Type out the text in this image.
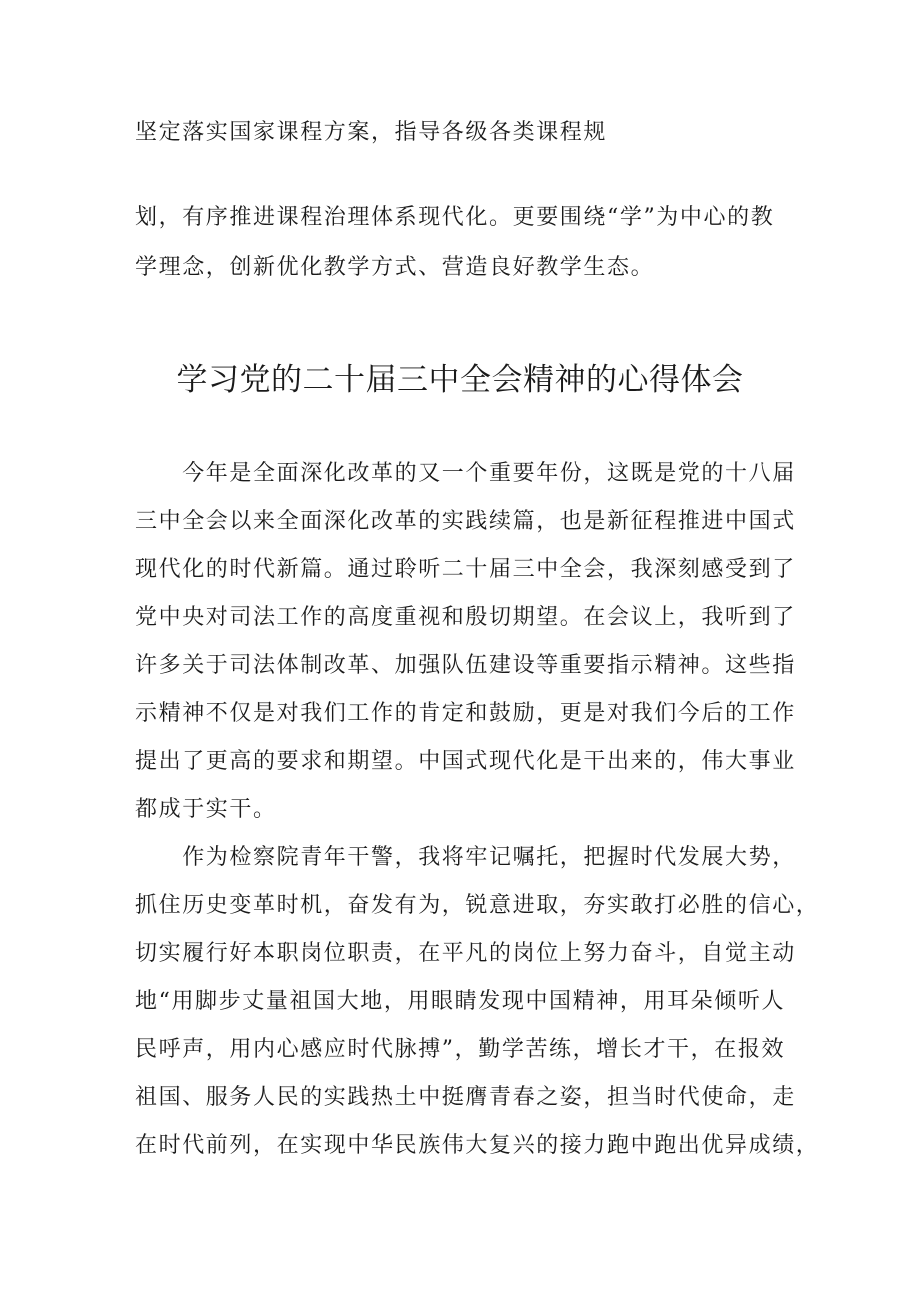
坚定落实国家课程方案，指导各级各类课程规
划，有序推进课程治理体系现代化。更要围绕“学”为中心的教
学理念，创新优化教学方式、营造良好教学生态。
学习党的二十届三中全会精神的心得体会
　　今年是全面深化改革的又一个重要年份，这既是党的十八届
三中全会以来全面深化改革的实践续篇，也是新征程推进中国式
现代化的时代新篇。通过聆听二十届三中全会，我深刻感受到了
党中央对司法工作的高度重视和殷切期望。在会议上，我听到了
许多关于司法体制改革、加强队伍建设等重要指示精神。这些指
示精神不仅是对我们工作的肯定和鼓励，更是对我们今后的工作
提出了更高的要求和期望。中国式现代化是干出来的，伟大事业
都成于实干。
　　作为检察院青年干警，我将牢记嘱托，把握时代发展大势，
抓住历史变革时机，奋发有为，锐意进取，夯实敢打必胜的信心，
切实履行好本职岗位职责，在平凡的岗位上努力奋斗，自觉主动
地“用脚步丈量祖国大地，用眼睛发现中国精神，用耳朵倾听人
民呼声，用内心感应时代脉搏”，勤学苦练，增长才干，在报效
祖国、服务人民的实践热土中挺膺青春之姿，担当时代使命，走
在时代前列，在实现中华民族伟大复兴的接力跑中跑出优异成绩，
